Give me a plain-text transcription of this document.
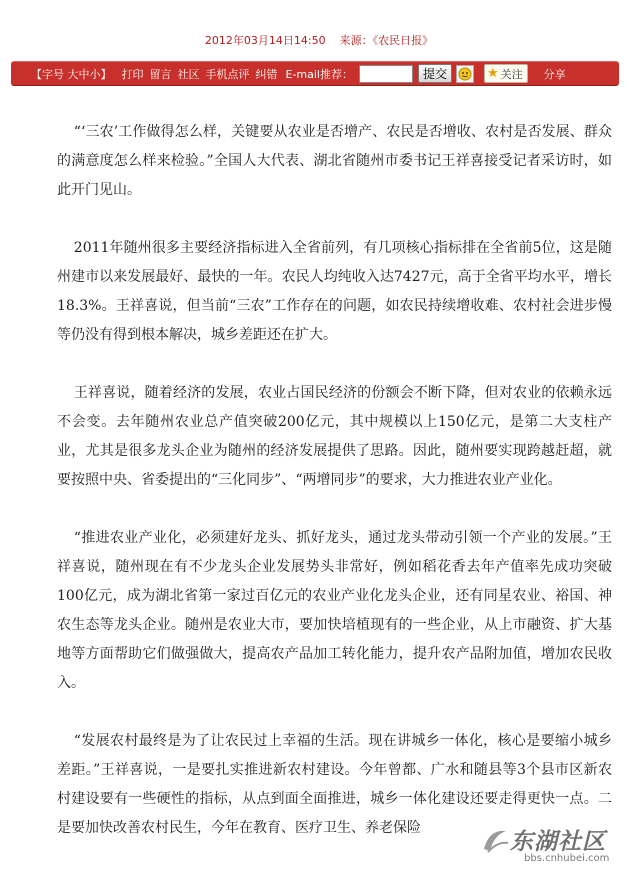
2012年03月14日14:50 来源：《农民日报》
【字号 大中小】 打印 留言 社区 手机点评 纠错 E-mail推荐：	提交	★ 关注 分享

“‘三农’工作做得怎么样，关键要从农业是否增产、农民是否增收、农村是否发展、群众的满意度怎么样来检验。”全国人大代表、湖北省随州市委书记王祥喜接受记者采访时，如此开门见山。

2011年随州很多主要经济指标进入全省前列，有几项核心指标排在全省前5位，这是随州建市以来发展最好、最快的一年。农民人均纯收入达7427元，高于全省平均水平，增长18.3%。王祥喜说，但当前“三农”工作存在的问题，如农民持续增收难、农村社会进步慢等仍没有得到根本解决，城乡差距还在扩大。

王祥喜说，随着经济的发展，农业占国民经济的份额会不断下降，但对农业的依赖永远不会变。去年随州农业总产值突破200亿元，其中规模以上150亿元，是第二大支柱产业，尤其是很多龙头企业为随州的经济发展提供了思路。因此，随州要实现跨越赶超，就要按照中央、省委提出的“三化同步”、“两增同步”的要求，大力推进农业产业化。

“推进农业产业化，必须建好龙头、抓好龙头，通过龙头带动引领一个产业的发展。”王祥喜说，随州现在有不少龙头企业发展势头非常好，例如稻花香去年产值率先成功突破100亿元，成为湖北省第一家过百亿元的农业产业化龙头企业，还有同星农业、裕国、神农生态等龙头企业。随州是农业大市，要加快培植现有的一些企业，从上市融资、扩大基地等方面帮助它们做强做大，提高农产品加工转化能力，提升农产品附加值，增加农民收入。

“发展农村最终是为了让农民过上幸福的生活。现在讲城乡一体化，核心是要缩小城乡差距。”王祥喜说，一是要扎实推进新农村建设。今年曾都、广水和随县等3个县市区新农村建设要有一些硬性的指标，从点到面全面推进，城乡一体化建设还要走得更快一点。二是要加快改善农村民生，今年在教育、医疗卫生、养老保险

东湖社区
bbs.cnhubei.com
